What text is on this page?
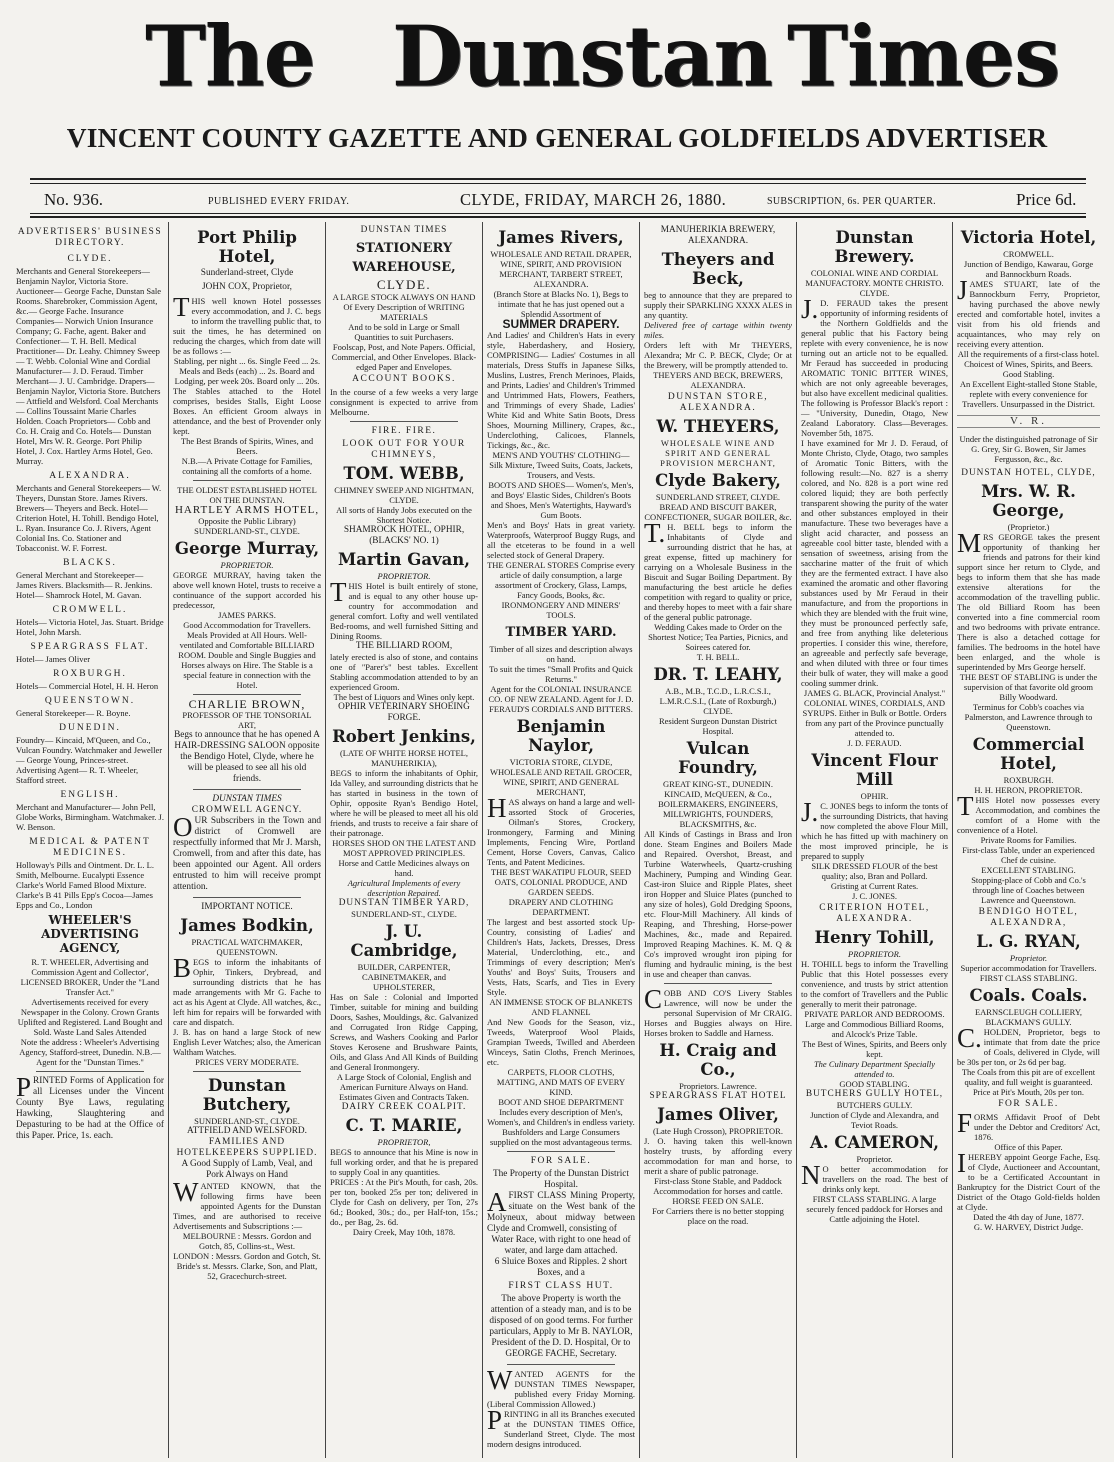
The Dunstan Times
VINCENT COUNTY GAZETTE AND GENERAL GOLDFIELDS ADVERTISER
No. 936.	PUBLISHED EVERY FRIDAY.	CLYDE, FRIDAY, MARCH 26, 1880.	SUBSCRIPTION, 6s. PER QUARTER.	Price 6d.
ADVERTISERS' BUSINESS DIRECTORY.
CLYDE.
Merchants and General Storekeepers— Benjamin Naylor, Victoria Store. Auctioneer— George Fache, Dunstan Sale Rooms. Sharebroker, Commission Agent, &c.— George Fache. Insurance Companies— Norwich Union Insurance Company; G. Fache, agent. Baker and Confectioner— T. H. Bell. Medical Practitioner— Dr. Leahy. Chimney Sweep— T. Webb. Colonial Wine and Cordial Manufacturer— J. D. Feraud. Timber Merchant— J. U. Cambridge. Drapers— Benjamin Naylor, Victoria Store. Butchers— Attfield and Welsford. Coal Merchants— Collins Toussaint Marie Charles Holden. Coach Proprietors— Cobb and Co. H. Craig and Co. Hotels— Dunstan Hotel, Mrs W. R. George. Port Philip Hotel, J. Cox. Hartley Arms Hotel, Geo. Murray.
ALEXANDRA.
Merchants and General Storekeepers— W. Theyers, Dunstan Store. James Rivers. Brewers— Theyers and Beck. Hotel— Criterion Hotel, H. Tohill. Bendigo Hotel, L. Ryan. Insurance Co. J. Rivers, Agent Colonial Ins. Co. Stationer and Tobacconist. W. F. Forrest.
BLACKS.
General Merchant and Storekeeper— James Rivers. Blacksmith— R. Jenkins. Hotel— Shamrock Hotel, M. Gavan.
CROMWELL.
Hotels— Victoria Hotel, Jas. Stuart. Bridge Hotel, John Marsh.
SPEARGRASS FLAT.
Hotel— James Oliver
ROXBURGH.
Hotels— Commercial Hotel, H. H. Heron
QUEENSTOWN.
General Storekeeper— R. Boyne.
DUNEDIN.
Foundry— Kincaid, M'Queen, and Co., Vulcan Foundry. Watchmaker and Jeweller— George Young, Princes-street. Advertising Agent— R. T. Wheeler, Stafford street.
ENGLISH.
Merchant and Manufacturer— John Pell, Globe Works, Birmingham. Watchmaker. J. W. Benson.
MEDICAL & PATENT MEDICINES.
Holloway's Pills and Ointment. Dr. L. L. Smith, Melbourne. Eucalypti Essence Clarke's World Famed Blood Mixture. Clarke's B 41 Pills Epp's Cocoa—James Epps and Co., London
WHEELER'S ADVERTISING AGENCY,
R. T. WHEELER, Advertising and Commission Agent and Collector',
LICENSED BROKER, Under the "Land Transfer Act."
Advertisements received for every Newspaper in the Colony. Crown Grants Uplifted and Registered. Land Bought and Sold. Waste Land Sales Attended
Note the address : Wheeler's Advertising Agency, Stafford-street, Dunedin. N.B.— Agent for the "Dunstan Times."
PRINTED Forms of Application for all Licenses under the Vincent County Bye Laws, regulating Hawking, Slaughtering and Depasturing to be had at the Office of this Paper. Price, 1s. each.
Port Philip Hotel,
Sunderland-street, Clyde
JOHN COX, Proprietor,
THIS well known Hotel possesses every accommodation, and J. C. begs to inform the travelling public that, to suit the times, he has determined on reducing the charges, which from date will be as follows :—
Stabling, per night ... 6s. Single Feed ... 2s. Meals and Beds (each) ... 2s. Board and Lodging, per week 20s. Board only ... 20s.
The Stables attached to the Hotel comprises, besides Stalls, Eight Loose Boxes. An efficient Groom always in attendance, and the best of Provender only kept.
The Best Brands of Spirits, Wines, and Beers.
N.B.—A Private Cottage for Families, containing all the comforts of a home.
THE OLDEST ESTABLISHED HOTEL ON THE DUNSTAN.
HARTLEY ARMS HOTEL,
Opposite the Public Library) SUNDERLAND-ST., CLYDE.
George Murray,
PROPRIETOR.
GEORGE MURRAY, having taken the above well known Hotel, trusts to receive a continuance of the support accorded his predecessor,
JAMES PARKS.
Good Accommodation for Travellers. Meals Provided at All Hours. Well-ventilated and Comfortable BILLIARD ROOM. Double and Single Buggies and Horses always on Hire. The Stable is a special feature in connection with the Hotel.
CHARLIE BROWN,
PROFESSOR OF THE TONSORIAL ART,
Begs to announce that he has opened A HAIR-DRESSING SALOON opposite the Bendigo Hotel, Clyde, where he will be pleased to see all his old friends.
DUNSTAN TIMES
CROMWELL AGENCY.
OUR Subscribers in the Town and district of Cromwell are respectfully informed that Mr J. Marsh, Cromwell, from and after this date, has been appointed our Agent. All orders entrusted to him will receive prompt attention.
IMPORTANT NOTICE.
James Bodkin,
PRACTICAL WATCHMAKER, QUEENSTOWN.
BEGS to inform the inhabitants of Ophir, Tinkers, Drybread, and surrounding districts that he has made arrangements with Mr G. Fache to act as his Agent at Clyde. All watches, &c., left him for repairs will be forwarded with care and dispatch.
J. B. has on hand a large Stock of new English Lever Watches; also, the American Waltham Watches.
PRICES VERY MODERATE.
Dunstan Butchery,
SUNDERLAND-ST., CLYDE.
ATTFIELD AND WELSFORD.
FAMILIES AND HOTELKEEPERS SUPPLIED.
A Good Supply of Lamb, Veal, and Pork Always on Hand
WANTED KNOWN, that the following firms have been appointed Agents for the Dunstan Times, and are authorised to receive Advertisements and Subscriptions :—
MELBOURNE : Messrs. Gordon and Gotch, 85, Collins-st., West.
LONDON : Messrs. Gordon and Gotch, St. Bride's st. Messrs. Clarke, Son, and Platt, 52, Gracechurch-street.
DUNSTAN TIMES
STATIONERY WAREHOUSE,
CLYDE.
A LARGE STOCK ALWAYS ON HAND Of Every Description of WRITING MATERIALS
And to be sold in Large or Small Quantities to suit Purchasers.
Foolscap, Post, and Note Papers. Official, Commercial, and Other Envelopes. Black-edged Paper and Envelopes.
ACCOUNT BOOKS.
In the course of a few weeks a very large consignment is expected to arrive from Melbourne.
FIRE. FIRE.
LOOK OUT FOR YOUR CHIMNEYS,
TOM. WEBB,
CHIMNEY SWEEP AND NIGHTMAN, CLYDE.
All sorts of Handy Jobs executed on the Shortest Notice.
SHAMROCK HOTEL, OPHIR, (BLACKS' NO. 1)
Martin Gavan,
PROPRIETOR.
THIS Hotel is built entirely of stone, and is equal to any other house up-country for accommodation and general comfort. Lofty and well ventilated Bed-rooms, and well furnished Sitting and Dining Rooms.
THE BILLIARD ROOM,
lately erected is also of stone, and contains one of "Parer's" best tables. Excellent Stabling accommodation attended to by an experienced Groom.
The best of Liquors and Wines only kept.
OPHIR VETERINARY SHOEING FORGE.
Robert Jenkins,
(LATE OF WHITE HORSE HOTEL, MANUHERIKIA),
BEGS to inform the inhabitants of Ophir, Ida Valley, and surrounding districts that he has started in business in the town of Ophir, opposite Ryan's Bendigo Hotel, where he will be pleased to meet all his old friends, and trusts to receive a fair share of their patronage.
HORSES SHOD ON THE LATEST AND MOST APPROVED PRINCIPLES.
Horse and Cattle Medicines always on hand.
Agricultural Implements of every description Repaired.
DUNSTAN TIMBER YARD,
SUNDERLAND-ST., CLYDE.
J. U. Cambridge,
BUILDER, CARPENTER, CABINETMAKER, and UPHOLSTERER,
Has on Sale : Colonial and Imported Timber, suitable for mining and building Doors, Sashes, Mouldings, &c. Galvanized and Corrugated Iron Ridge Capping, Screws, and Washers Cooking and Parlor Stoves Kerosene and Brushware Paints, Oils, and Glass And All Kinds of Building and General Ironmongery.
A Large Stock of Colonial, English and American Furniture Always on Hand.
Estimates Given and Contracts Taken.
DAIRY CREEK COALPIT.
C. T. MARIE,
PROPRIETOR,
BEGS to announce that his Mine is now in full working order, and that he is prepared to supply Coal in any quantities.
PRICES : At the Pit's Mouth, for cash, 20s. per ton, booked 25s per ton; delivered in Clyde for Cash on delivery, per Ton, 27s 6d.; Booked, 30s.; do., per Half-ton, 15s.; do., per Bag, 2s. 6d.
Dairy Creek, May 10th, 1878.
James Rivers,
WHOLESALE AND RETAIL DRAPER, WINE, SPIRIT, AND PROVISION MERCHANT, TARBERT STREET, ALEXANDRA.
(Branch Store at Blacks No. 1), Begs to intimate that he has just opened out a Splendid Assortment of
SUMMER DRAPERY.
And Ladies' and Children's Hats in every style, Haberdashery, and Hosiery, COMPRISING— Ladies' Costumes in all materials, Dress Stuffs in Japanese Silks, Muslins, Lustres, French Merinoes, Plaids, and Prints, Ladies' and Children's Trimmed and Untrimmed Hats, Flowers, Feathers, and Trimmings of every Shade, Ladies' White Kid and White Satin Boots, Dress Shoes, Mourning Millinery, Crapes, &c., Underclothing, Calicoes, Flannels, Tickings, &c., &c.
MEN'S AND YOUTHS' CLOTHING— Silk Mixture, Tweed Suits, Coats, Jackets, Trousers, and Vests.
BOOTS AND SHOES— Women's, Men's, and Boys' Elastic Sides, Children's Boots and Shoes, Men's Watertights, Hayward's Gum Boots.
Men's and Boys' Hats in great variety. Waterproofs, Waterproof Buggy Rugs, and all the etceteras to be found in a well selected stock of General Drapery.
THE GENERAL STORES Comprise every article of daily consumption, a large assortment of Crockery, Glass, Lamps, Fancy Goods, Books, &c. IRONMONGERY AND MINERS' TOOLS.
TIMBER YARD.
Timber of all sizes and description always on hand.
To suit the times "Small Profits and Quick Returns."
Agent for the COLONIAL INSURANCE CO. OF NEW ZEALAND. Agent for J. D. FERAUD'S CORDIALS AND BITTERS.
Benjamin Naylor,
VICTORIA STORE, CLYDE, WHOLESALE AND RETAIL GROCER, WINE, SPIRIT, AND GENERAL MERCHANT,
HAS always on hand a large and well-assorted Stock of Groceries, Oilman's Stores, Crockery, Ironmongery, Farming and Mining Implements, Fencing Wire, Portland Cement, Horse Covers, Canvas, Calico Tents, and Patent Medicines.
THE BEST WAKATIPU FLOUR, SEED OATS, COLONIAL PRODUCE, AND GARDEN SEEDS.
DRAPERY AND CLOTHING DEPARTMENT.
The largest and best assorted stock Up-Country, consisting of Ladies' and Children's Hats, Jackets, Dresses, Dress Material, Underclothing, etc., and Trimmings of every description; Men's Youths' and Boys' Suits, Trousers and Vests, Hats, Scarfs, and Ties in Every Style.
AN IMMENSE STOCK OF BLANKETS AND FLANNEL
And New Goods for the Season, viz., Tweeds, Waterproof Wool Plaids, Grampian Tweeds, Twilled and Aberdeen Winceys, Satin Cloths, French Merinoes, etc.
CARPETS, FLOOR CLOTHS, MATTING, AND MATS OF EVERY KIND.
BOOT AND SHOE DEPARTMENT Includes every description of Men's, Women's, and Children's in endless variety.
Bushfolders and Large Consumers supplied on the most advantageous terms.
FOR SALE.
The Property of the Dunstan District Hospital.
AFIRST CLASS Mining Property, situate on the West bank of the Molyneux, about midway between Clyde and Cromwell, consisting of
Water Race, with right to one head of water, and large dam attached.
6 Sluice Boxes and Ripples. 2 short Boxes, and a
FIRST CLASS HUT.
The above Property is worth the attention of a steady man, and is to be disposed of on good terms. For further particulars, Apply to Mr B. NAYLOR, President of the D. D. Hospital, Or to GEORGE FACHE, Secretary.
WANTED AGENTS for the DUNSTAN TIMES Newspaper, published every Friday Morning. (Liberal Commission Allowed.)
PRINTING in all its Branches executed at the DUNSTAN TIMES Office, Sunderland Street, Clyde. The most modern designs introduced.
MANUHERIKIA BREWERY, ALEXANDRA.
Theyers and Beck,
beg to announce that they are prepared to supply their SPARKLING XXXX ALES in any quantity.
Delivered free of cartage within twenty miles.
Orders left with Mr THEYERS, Alexandra; Mr C. P. BECK, Clyde; Or at the Brewery, will be promptly attended to.
THEYERS AND BECK, BREWERS, ALEXANDRA.
DUNSTAN STORE, ALEXANDRA.
W. THEYERS,
WHOLESALE WINE AND SPIRIT AND GENERAL PROVISION MERCHANT,
Clyde Bakery,
SUNDERLAND STREET, CLYDE.
BREAD AND BISCUIT BAKER, CONFECTIONER, SUGAR BOILER, &c.
T.H. BELL begs to inform the Inhabitants of Clyde and surrounding district that he has, at great expense, fitted up machinery for carrying on a Wholesale Business in the Biscuit and Sugar Boiling Department. By manufacturing the best article he defies competition with regard to quality or price, and thereby hopes to meet with a fair share of the general public patronage.
Wedding Cakes made to Order on the Shortest Notice; Tea Parties, Picnics, and Soirees catered for.
T. H. BELL.
DR. T. LEAHY,
A.B., M.B., T.C.D., L.R.C.S.I., L.M.R.C.S.I., (Late of Roxburgh,) CLYDE.
Resident Surgeon Dunstan District Hospital.
Vulcan Foundry,
GREAT KING-ST., DUNEDIN.
KINCAID, McQUEEN, & Co., BOILERMAKERS, ENGINEERS, MILLWRIGHTS, FOUNDERS, BLACKSMITHS, &c.
All Kinds of Castings in Brass and Iron done. Steam Engines and Boilers Made and Repaired. Overshot, Breast, and Turbine Waterwheels, Quartz-crushing Machinery, Pumping and Winding Gear. Cast-iron Sluice and Ripple Plates, sheet iron Hopper and Sluice Plates (punched to any size of holes), Gold Dredging Spoons, etc. Flour-Mill Machinery. All kinds of Reaping, and Threshing, Horse-power Machines, &c., made and Repaired. Improved Reaping Machines. K. M. Q & Co's improved wrought iron piping for fluming and hydraulic mining, is the best in use and cheaper than canvas.
COBB AND CO'S Livery Stables Lawrence, will now be under the personal Supervision of Mr CRAIG. Horses and Buggies always on Hire. Horses broken to Saddle and Harness.
H. Craig and Co.,
Proprietors. Lawrence.
SPEARGRASS FLAT HOTEL
James Oliver,
(Late Hugh Crosson), PROPRIETOR.
J. O. having taken this well-known hostelry trusts, by affording every accommodation for man and horse, to merit a share of public patronage.
First-class Stone Stable, and Paddock Accommodation for horses and cattle.
HORSE FEED ON SALE.
For Carriers there is no better stopping place on the road.
Dunstan Brewery.
COLONIAL WINE AND CORDIAL MANUFACTORY. MONTE CHRISTO. CLYDE.
J.D. FERAUD takes the present opportunity of informing residents of the Northern Goldfields and the general public that his Factory being replete with every convenience, he is now turning out an article not to be equalled. Mr Feraud has succeeded in producing AROMATIC TONIC BITTER WINES, which are not only agreeable beverages, but also have excellent medicinal qualities. The following is Professor Black's report :— "University, Dunedin, Otago, New Zealand Laboratory. Class—Beverages. November 5th, 1875.
I have examined for Mr J. D. Feraud, of Monte Christo, Clyde, Otago, two samples of Aromatic Tonic Bitters, with the following result:—No. 827 is a sherry colored, and No. 828 is a port wine red colored liquid; they are both perfectly transparent showing the purity of the water and other substances employed in their manufacture. These two beverages have a slight acid character, and possess an agreeable cool bitter taste, blended with a sensation of sweetness, arising from the saccharine matter of the fruit of which they are the fermented extract. I have also examined the aromatic and other flavoring substances used by Mr Feraud in their manufacture, and from the proportions in which they are blended with the fruit wine, they must be pronounced perfectly safe, and free from anything like deleterious properties. I consider this wine, therefore, an agreeable and perfectly safe beverage, and when diluted with three or four times their bulk of water, they will make a good cooling summer drink.
JAMES G. BLACK, Provincial Analyst."
COLONIAL WINES, CORDIALS, AND SYRUPS. Either in Bulk or Bottle. Orders from any part of the Province punctually attended to.
J. D. FERAUD.
Vincent Flour Mill
OPHIR.
J.C. JONES begs to inform the tonts of the surrounding Districts, that having now completed the above Flour Mill, which he has fitted up with machinery on the most improved principle, he is prepared to supply
SILK DRESSED FLOUR of the best quality; also, Bran and Pollard.
Gristing at Current Rates.
J. C. JONES.
CRITERION HOTEL, ALEXANDRA.
Henry Tohill,
PROPRIETOR.
H. TOHILL begs to inform the Travelling Public that this Hotel possesses every convenience, and trusts by strict attention to the comfort of Travellers and the Public generally to merit their patronage.
PRIVATE PARLOR AND BEDROOMS.
Large and Commodious Billiard Rooms, and Alcock's Prize Table.
The Best of Wines, Spirits, and Beers only kept.
The Culinary Department Specially attended to.
GOOD STABLING.
BUTCHERS GULLY HOTEL,
BUTCHERS GULLY.
Junction of Clyde and Alexandra, and Teviot Roads.
A. CAMERON,
Proprietor.
NO better accommodation for travellers on the road. The best of drinks only kept.
FIRST CLASS STABLING. A large securely fenced paddock for Horses and Cattle adjoining the Hotel.
Victoria Hotel,
CROMWELL.
Junction of Bendigo, Kawarau, Gorge and Bannockburn Roads.
JAMES STUART, late of the Bannockburn Ferry, Proprietor, having purchased the above newly erected and comfortable hotel, invites a visit from his old friends and acquaintances, who may rely on receiving every attention.
All the requirements of a first-class hotel.
Choicest of Wines, Spirits, and Beers. Good Stabling.
An Excellent Eight-stalled Stone Stable, replete with every convenience for Travellers. Unsurpassed in the District.
V. R.
Under the distinguished patronage of Sir G. Grey, Sir G. Bowen, Sir James Fergusson, &c., &c.
DUNSTAN HOTEL, CLYDE,
Mrs. W. R. George,
(Proprietor.)
MRS GEORGE takes the present opportunity of thanking her friends and patrons for their kind support since her return to Clyde, and begs to inform them that she has made extensive alterations for the accommodation of the travelling public. The old Billiard Room has been converted into a fine commercial room and two bedrooms with private entrance. There is also a detached cottage for families. The bedrooms in the hotel have been enlarged, and the whole is superintended by Mrs George herself.
THE BEST OF STABLING is under the supervision of that favorite old groom Billy Woodward.
Terminus for Cobb's coaches via Palmerston, and Lawrence through to Queenstown.
Commercial Hotel,
ROXBURGH.
H. H. HERON, PROPRIETOR.
THIS Hotel now possesses every Accommodation, and combines the comfort of a Home with the convenience of a Hotel.
Private Rooms for Families.
First-class Table, under an experienced Chef de cuisine.
EXCELLENT STABLING.
Stopping-place of Cobb and Co.'s through line of Coaches between Lawrence and Queenstown.
BENDIGO HOTEL, ALEXANDRA,
L. G. RYAN,
Proprietor.
Superior accommodation for Travellers.
FIRST CLASS STABLING.
Coals. Coals.
EARNSCLEUGH COLLIERY,
BLACKMAN'S GULLY.
C.HOLDEN, Proprietor, begs to intimate that from date the price of Coals, delivered in Clyde, will be 30s per ton, or 2s 6d per bag.
The Coals from this pit are of excellent quality, and full weight is guaranteed.
Price at Pit's Mouth, 20s per ton.
FOR SALE.
FORMS Affidavit Proof of Debt under the Debtor and Creditors' Act, 1876.
Office of this Paper.
IHEREBY appoint George Fache, Esq. of Clyde, Auctioneer and Accountant, to be a Certificated Accountant in Bankruptcy for the District Court of the District of the Otago Gold-fields holden at Clyde.
Dated the 4th day of June, 1877.
G. W. HARVEY, District Judge.
